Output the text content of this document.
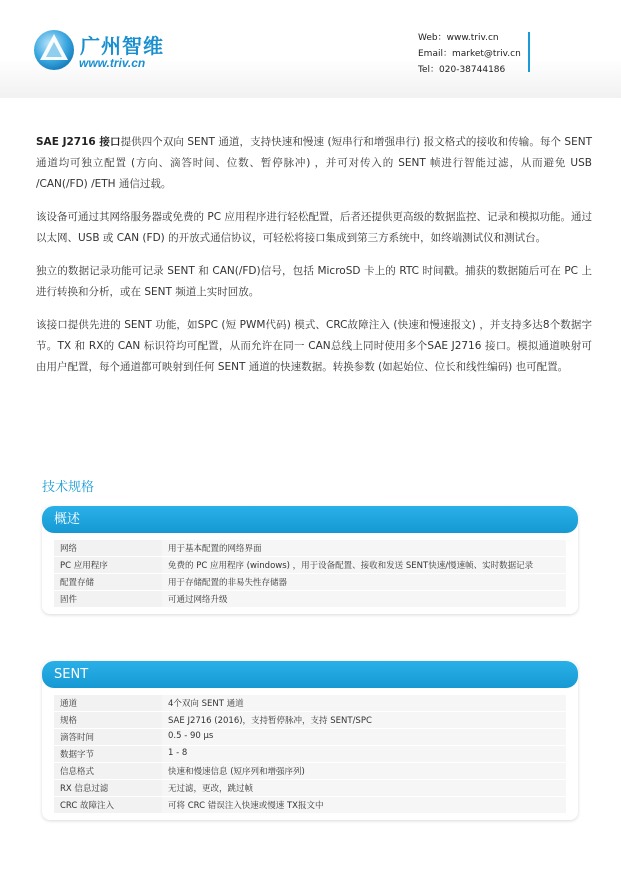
广州智维
www.triv.cn
Web：www.triv.cn
Email：market@triv.cn
Tel：020-38744186

SAE J2716 接口提供四个双向 SENT 通道，支持快速和慢速 (短串行和增强串行) 报文格式的接收和传输。每个 SENT 通道均可独立配置 (方向、滴答时间、位数、暂停脉冲) ，并可对传入的 SENT 帧进行智能过滤，从而避免 USB /CAN(/FD) /ETH 通信过载。

该设备可通过其网络服务器或免费的 PC 应用程序进行轻松配置，后者还提供更高级的数据监控、记录和模拟功能。通过以太网、USB 或 CAN (FD) 的开放式通信协议，可轻松将接口集成到第三方系统中，如终端测试仪和测试台。

独立的数据记录功能可记录 SENT 和 CAN(/FD)信号，包括 MicroSD 卡上的 RTC 时间戳。捕获的数据随后可在 PC 上进行转换和分析，或在 SENT 频道上实时回放。

该接口提供先进的 SENT 功能，如SPC (短 PWM代码) 模式、CRC故障注入 (快速和慢速报文) ，并支持多达8个数据字节。TX 和 RX的 CAN 标识符均可配置，从而允许在同一 CAN总线上同时使用多个SAE J2716 接口。模拟通道映射可由用户配置，每个通道都可映射到任何 SENT 通道的快速数据。转换参数 (如起始位、位长和线性编码) 也可配置。

技术规格
概述
网络	用于基本配置的网络界面
PC 应用程序	免费的 PC 应用程序 (windows) ，用于设备配置、接收和发送 SENT快速/慢速帧、实时数据记录
配置存储	用于存储配置的非易失性存储器
固件	可通过网络升级
SENT
通道	4个双向 SENT 通道
规格	SAE J2716 (2016)，支持暂停脉冲，支持 SENT/SPC
滴答时间	0.5 - 90 µs
数据字节	1 - 8
信息格式	快速和慢速信息 (短序列和增强序列)
RX 信息过滤	无过滤，更改，跳过帧
CRC 故障注入	可将 CRC 错误注入快速或慢速 TX报文中
